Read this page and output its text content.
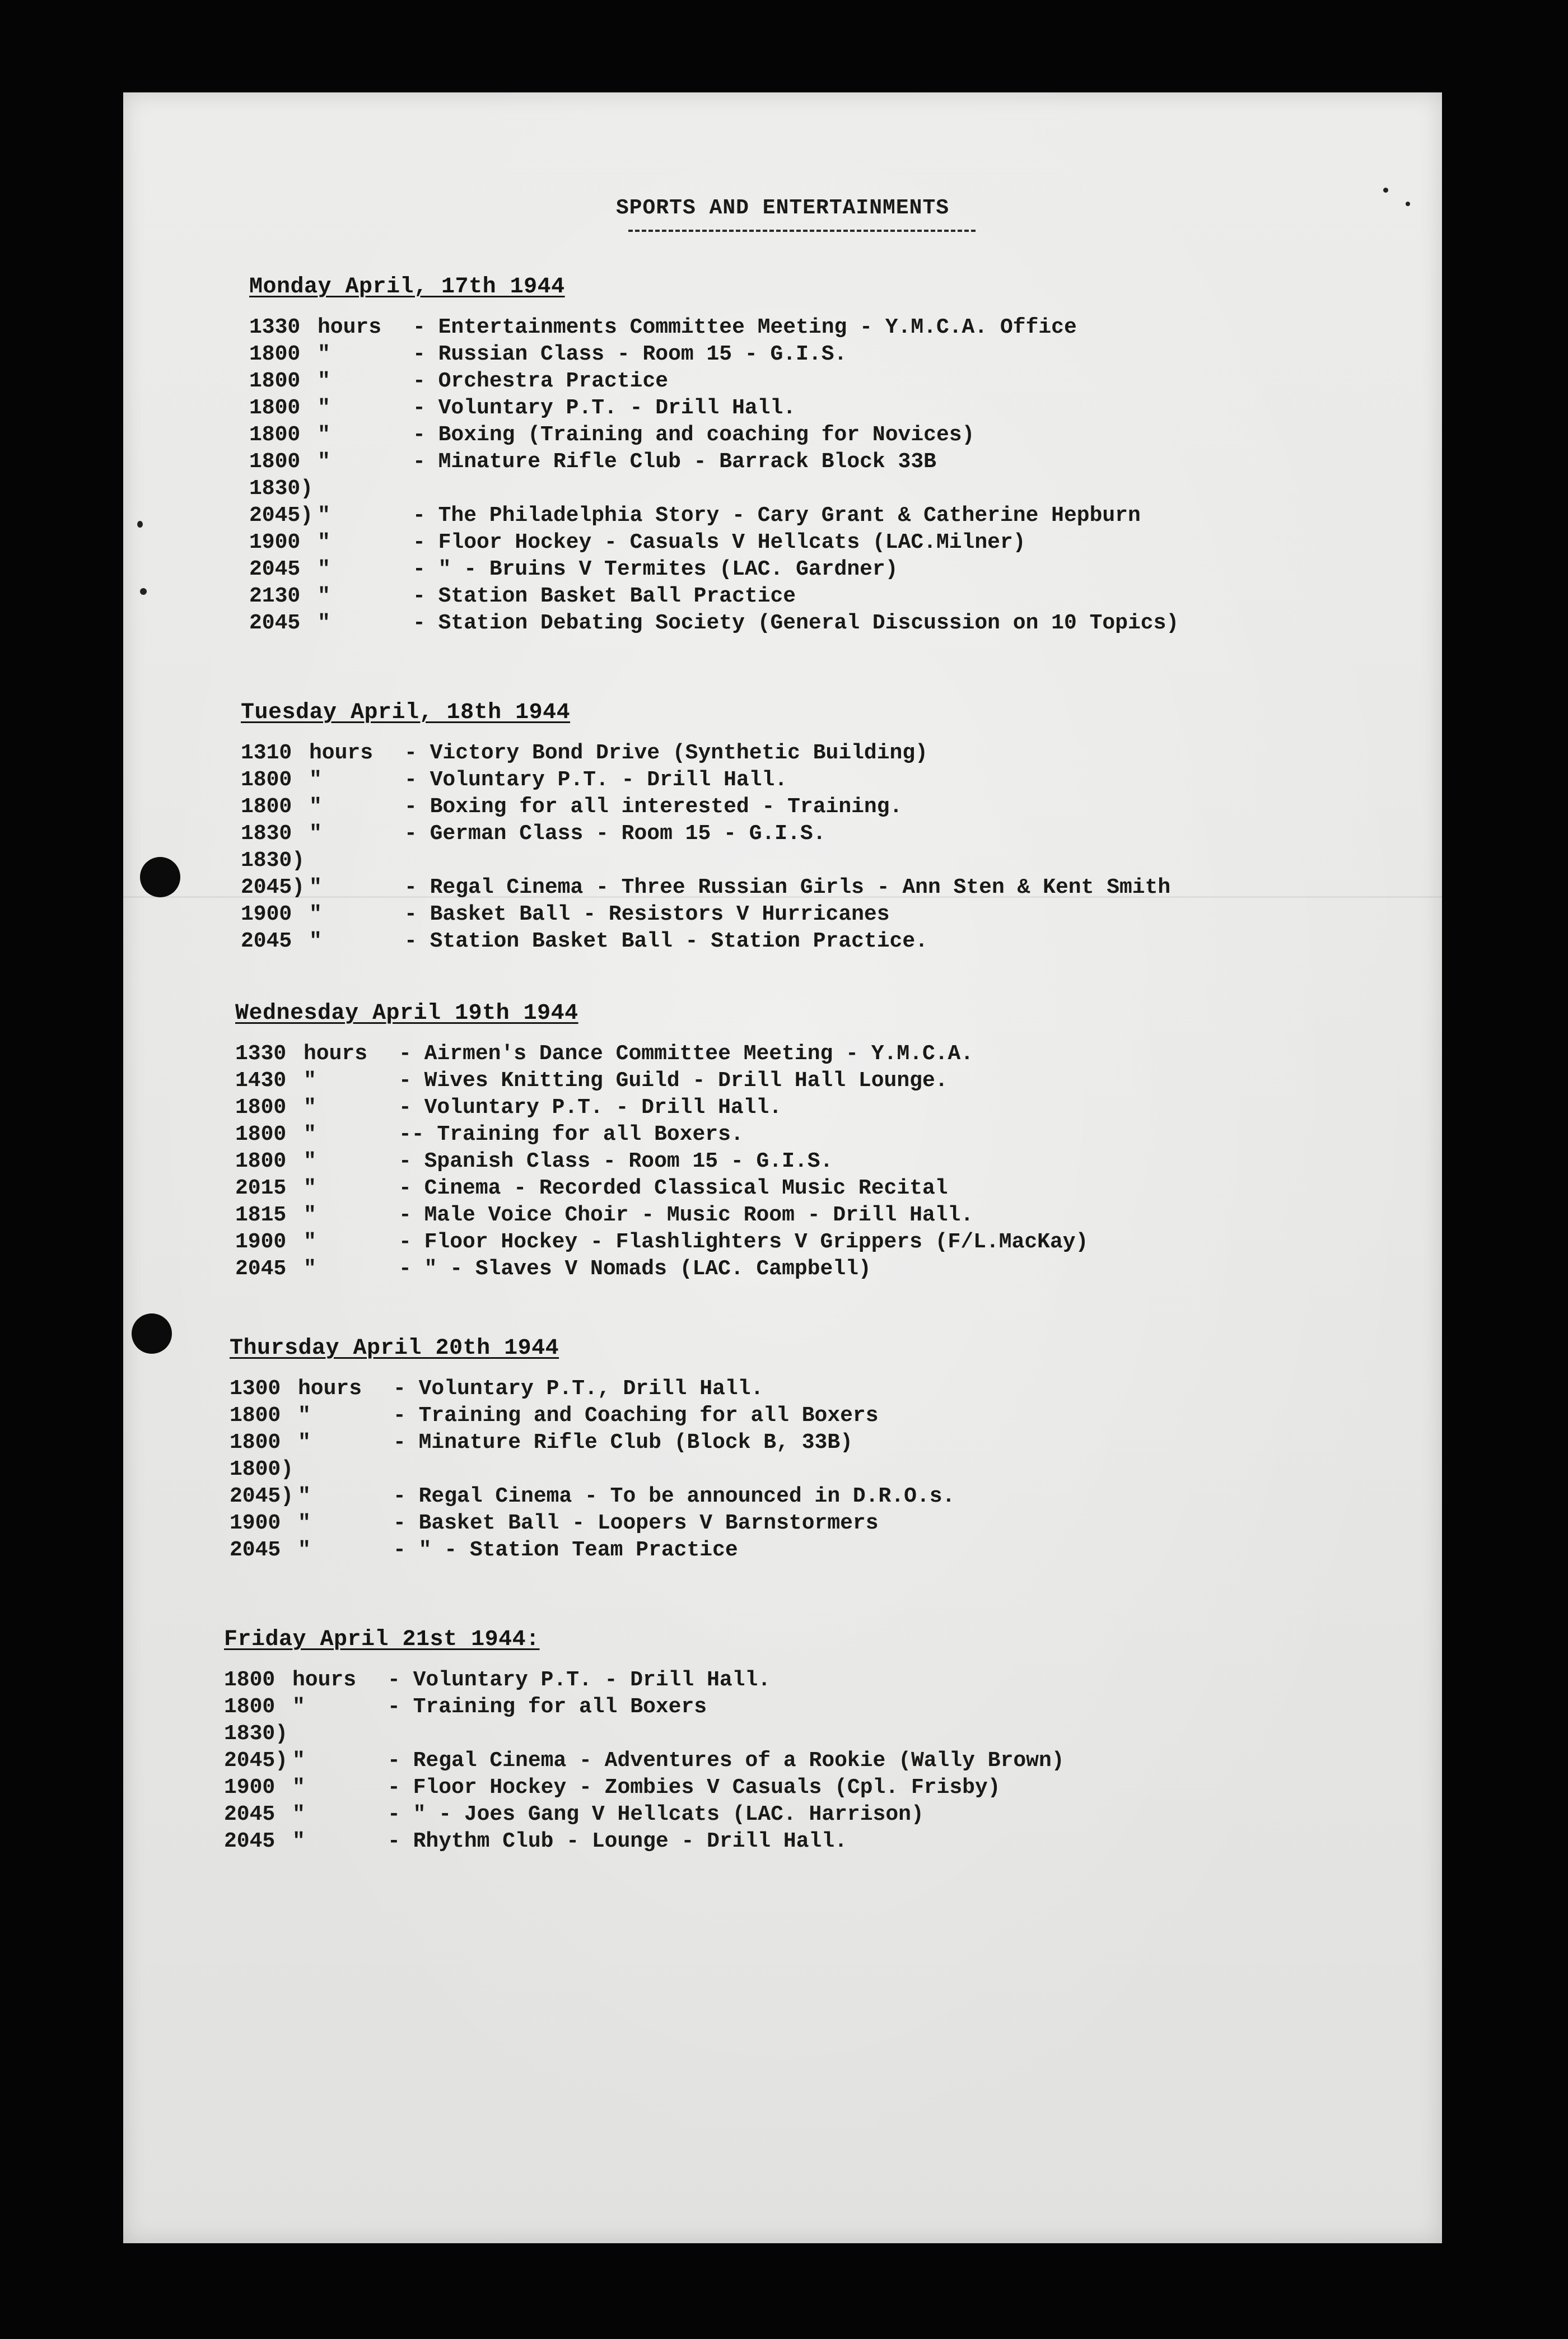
SPORTS AND ENTERTAINMENTS
Monday April, 17th 1944
1330 hours	- Entertainments Committee Meeting - Y.M.C.A. Office
1800 "	- Russian Class - Room 15 - G.I.S.
1800 "	- Orchestra Practice
1800 "	- Voluntary P.T. - Drill Hall.
1800 "	- Boxing (Training and coaching for Novices)
1800 "	- Minature Rifle Club - Barrack Block 33B
1830)
2045) "	- The Philadelphia Story - Cary Grant & Catherine Hepburn
1900 "	- Floor Hockey - Casuals V Hellcats (LAC.Milner)
2045 "	- " - Bruins V Termites (LAC. Gardner)
2130 "	- Station Basket Ball Practice
2045 "	- Station Debating Society (General Discussion on 10 Topics)
Tuesday April, 18th 1944
1310 hours	- Victory Bond Drive (Synthetic Building)
1800 "	- Voluntary P.T. - Drill Hall.
1800 "	- Boxing for all interested - Training.
1830 "	- German Class - Room 15 - G.I.S.
1830)
2045) "	- Regal Cinema - Three Russian Girls - Ann Sten & Kent Smith
1900 "	- Basket Ball - Resistors V Hurricanes
2045 "	- Station Basket Ball - Station Practice.
Wednesday April 19th 1944
1330 hours	- Airmen's Dance Committee Meeting - Y.M.C.A.
1430 "	- Wives Knitting Guild - Drill Hall Lounge.
1800 "	- Voluntary P.T. - Drill Hall.
1800 "	-- Training for all Boxers.
1800 "	- Spanish Class - Room 15 - G.I.S.
2015 "	- Cinema - Recorded Classical Music Recital
1815 "	- Male Voice Choir - Music Room - Drill Hall.
1900 "	- Floor Hockey - Flashlighters V Grippers (F/L.MacKay)
2045 "	- " - Slaves V Nomads (LAC. Campbell)
Thursday April 20th 1944
1300 hours	- Voluntary P.T., Drill Hall.
1800 "	- Training and Coaching for all Boxers
1800 "	- Minature Rifle Club (Block B, 33B)
1800)
2045) "	- Regal Cinema - To be announced in D.R.O.s.
1900 "	- Basket Ball - Loopers V Barnstormers
2045 "	- " - Station Team Practice
Friday April 21st 1944:
1800 hours	- Voluntary P.T. - Drill Hall.
1800 "	- Training for all Boxers
1830)
2045) "	- Regal Cinema - Adventures of a Rookie (Wally Brown)
1900 "	- Floor Hockey - Zombies V Casuals (Cpl. Frisby)
2045 "	- " - Joes Gang V Hellcats (LAC. Harrison)
2045 "	- Rhythm Club - Lounge - Drill Hall.
